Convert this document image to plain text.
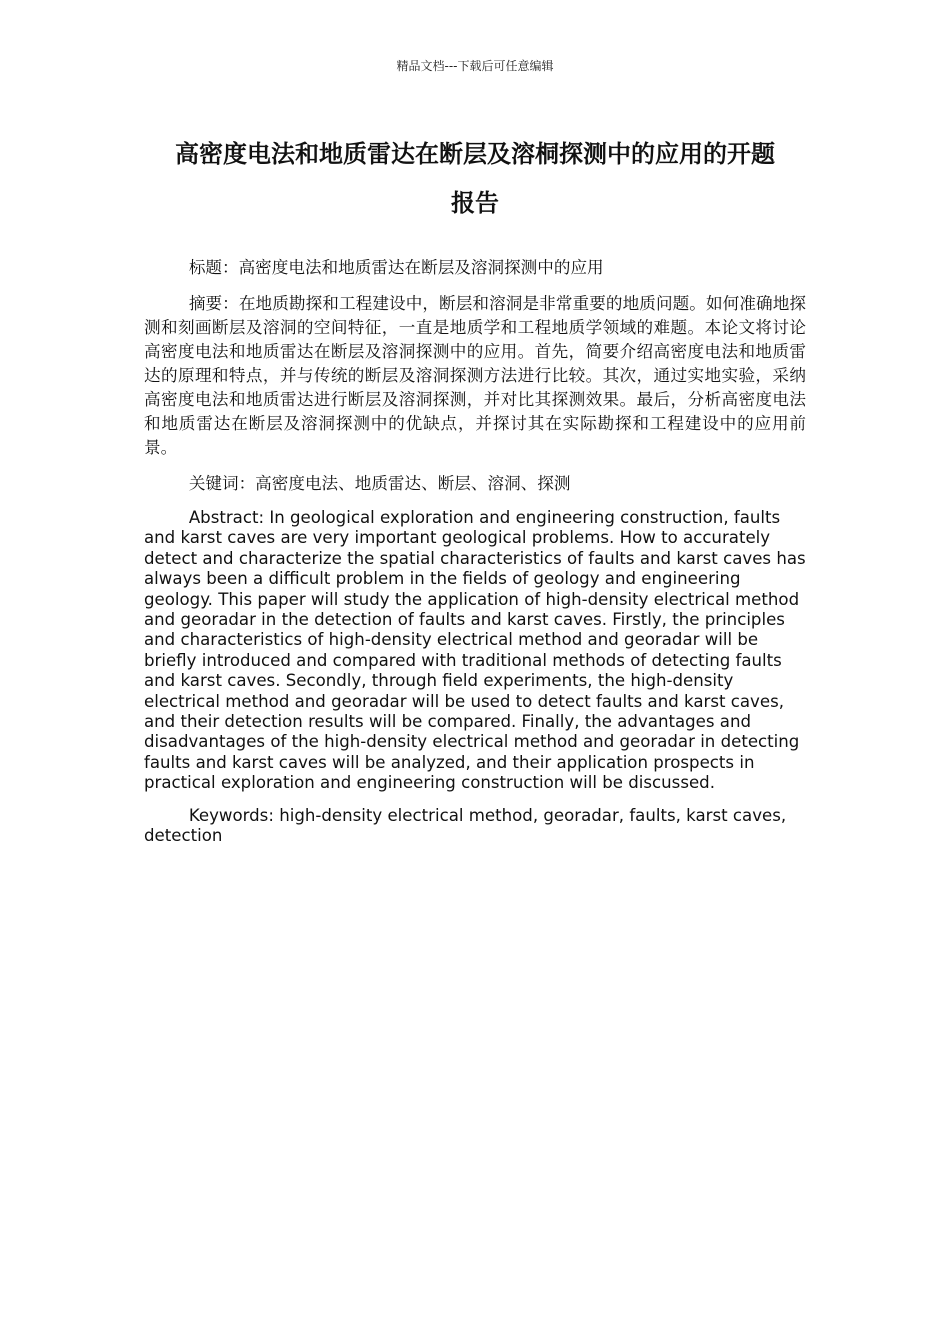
精品文档---下载后可任意编辑
高密度电法和地质雷达在断层及溶桐探测中的应用的开题
报告

标题：高密度电法和地质雷达在断层及溶洞探测中的应用

摘要：在地质勘探和工程建设中，断层和溶洞是非常重要的地质问题。如何准确地探测和刻画断层及溶洞的空间特征，一直是地质学和工程地质学领域的难题。本论文将讨论高密度电法和地质雷达在断层及溶洞探测中的应用。首先，简要介绍高密度电法和地质雷达的原理和特点，并与传统的断层及溶洞探测方法进行比较。其次，通过实地实验，采纳高密度电法和地质雷达进行断层及溶洞探测，并对比其探测效果。最后，分析高密度电法和地质雷达在断层及溶洞探测中的优缺点，并探讨其在实际勘探和工程建设中的应用前景。

关键词：高密度电法、地质雷达、断层、溶洞、探测

Abstract: In geological exploration and engineering construction, faults and karst caves are very important geological problems. How to accurately detect and characterize the spatial characteristics of faults and karst caves has always been a difficult problem in the fields of geology and engineering geology. This paper will study the application of high-density electrical method and georadar in the detection of faults and karst caves. Firstly, the principles and characteristics of high-density electrical method and georadar will be briefly introduced and compared with traditional methods of detecting faults and karst caves. Secondly, through field experiments, the high-density electrical method and georadar will be used to detect faults and karst caves, and their detection results will be compared. Finally, the advantages and disadvantages of the high-density electrical method and georadar in detecting faults and karst caves will be analyzed, and their application prospects in practical exploration and engineering construction will be discussed.

Keywords: high-density electrical method, georadar, faults, karst caves, detection
